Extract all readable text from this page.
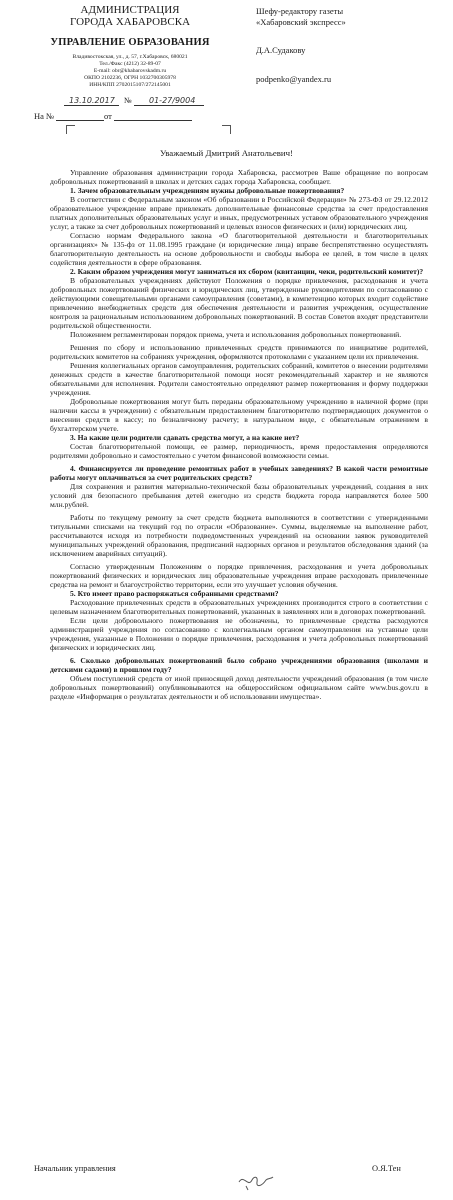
АДМИНИСТРАЦИЯ
ГОРОДА ХАБАРОВСКА
УПРАВЛЕНИЕ ОБРАЗОВАНИЯ
Владивостокская, ул., д. 57, г.Хабаровск, 680021
Тел./Факс (4212) 32-89-07
E-mail: obr@khabarovskadm.ru
ОКПО 2102236, ОГРН 1032700305978
ИНН/КПП 2702015107/272145001
13.10.2017 № 01-27/9004
На №	от
Шефу-редактору газеты
«Хабаровский экспресс»
Д.А.Судакову
podpenko@yandex.ru
Уважаемый Дмитрий Анатольевич!

Управление образования администрации города Хабаровска, рассмотрев Ваше обращение по вопросам добровольных пожертвований в школах и детских садах города Хабаровска, сообщает.

1. Зачем образовательным учреждениям нужны добровольные пожертвования?

В соответствии с Федеральным законом «Об образовании в Российской Федерации» № 273-ФЗ от 29.12.2012 образовательное учреждение вправе привлекать дополнительные финансовые средства за счет предоставления платных дополнительных образовательных услуг и иных, предусмотренных уставом образовательного учреждения услуг, а также за счет добровольных пожертвований и целевых взносов физических и (или) юридических лиц.

Согласно нормам Федерального закона «О благотворительной деятельности и благотворительных организациях» № 135-фз от 11.08.1995 граждане (и юридические лица) вправе беспрепятственно осуществлять благотворительную деятельность на основе добровольности и свободы выбора ее целей, в том числе в целях содействия деятельности в сфере образования.

2. Каким образом учреждения могут заниматься их сбором (квитанции, чеки, родительский комитет)?

В образовательных учреждениях действуют Положения о порядке привлечения, расходования и учета добровольных пожертвований физических и юридических лиц, утвержденные руководителями по согласованию с действующими совещательными органами самоуправления (советами), в компетенцию которых входит содействие привлечению внебюджетных средств для обеспечения деятельности и развития учреждения, осуществление контроля за рациональным использованием добровольных пожертвований. В состав Советов входят представители родительской общественности.

Положением регламентирован порядок приема, учета и использования добровольных пожертвований.

Решения по сбору и использованию привлеченных средств принимаются по инициативе родителей, родительских комитетов на собраниях учреждения, оформляются протоколами с указанием цели их привлечения.

Решения коллегиальных органов самоуправления, родительских собраний, комитетов о внесении родителями денежных средств в качестве благотворительной помощи носят рекомендательный характер и не являются обязательными для исполнения. Родители самостоятельно определяют размер пожертвования и форму поддержки учреждения.

Добровольные пожертвования могут быть переданы образовательному учреждению в наличной форме (при наличии кассы в учреждении) с обязательным предоставлением благотворителю подтверждающих документов о внесении средств в кассу; по безналичному расчету; в натуральном виде, с обязательным отражением в бухгалтерском учете.

3. На какие цели родители сдавать средства могут, а на какие нет?

Состав благотворительной помощи, ее размер, периодичность, время предоставления определяются родителями добровольно и самостоятельно с учетом финансовой возможности семьи.

4. Финансируется ли проведение ремонтных работ в учебных заведениях? В какой части ремонтные работы могут оплачиваться за счет родительских средств?

Для сохранения и развития материально-технической базы образовательных учреждений, создания в них условий для безопасного пребывания детей ежегодно из средств бюджета города направляется более 500 млн.рублей.

Работы по текущему ремонту за счет средств бюджета выполняются в соответствии с утвержденными титульными списками на текущий год по отрасли «Образование». Суммы, выделяемые на выполнение работ, рассчитываются исходя из потребности подведомственных учреждений на основании заявок руководителей муниципальных учреждений образования, предписаний надзорных органов и результатов обследования зданий (за исключением аварийных ситуаций).

Согласно утвержденным Положениям о порядке привлечения, расходования и учета добровольных пожертвований физических и юридических лиц образовательные учреждения вправе расходовать привлеченные средства на ремонт и благоустройство территории, если это улучшает условия обучения.

5. Кто имеет право распоряжаться собранными средствами?

Расходование привлеченных средств в образовательных учреждениях производится строго в соответствии с целевым назначением благотворительных пожертвований, указанных в заявлениях или в договорах пожертвований.

Если цели добровольного пожертвования не обозначены, то привлеченные средства расходуются администрацией учреждения по согласованию с коллегиальным органом самоуправления на уставные цели учреждения, указанные в Положении о порядке привлечения, расходования и учета добровольных пожертвований физических и юридических лиц.

6. Сколько добровольных пожертвований было собрано учреждениями образования (школами и детскими садами) в прошлом году?

Объем поступлений средств от иной приносящей доход деятельности учреждений образования (в том числе добровольных пожертвований) опубликовываются на общероссийском официальном сайте www.bus.gov.ru в разделе «Информация о результатах деятельности и об использовании имущества».

Начальник управления	О.Я.Тен
